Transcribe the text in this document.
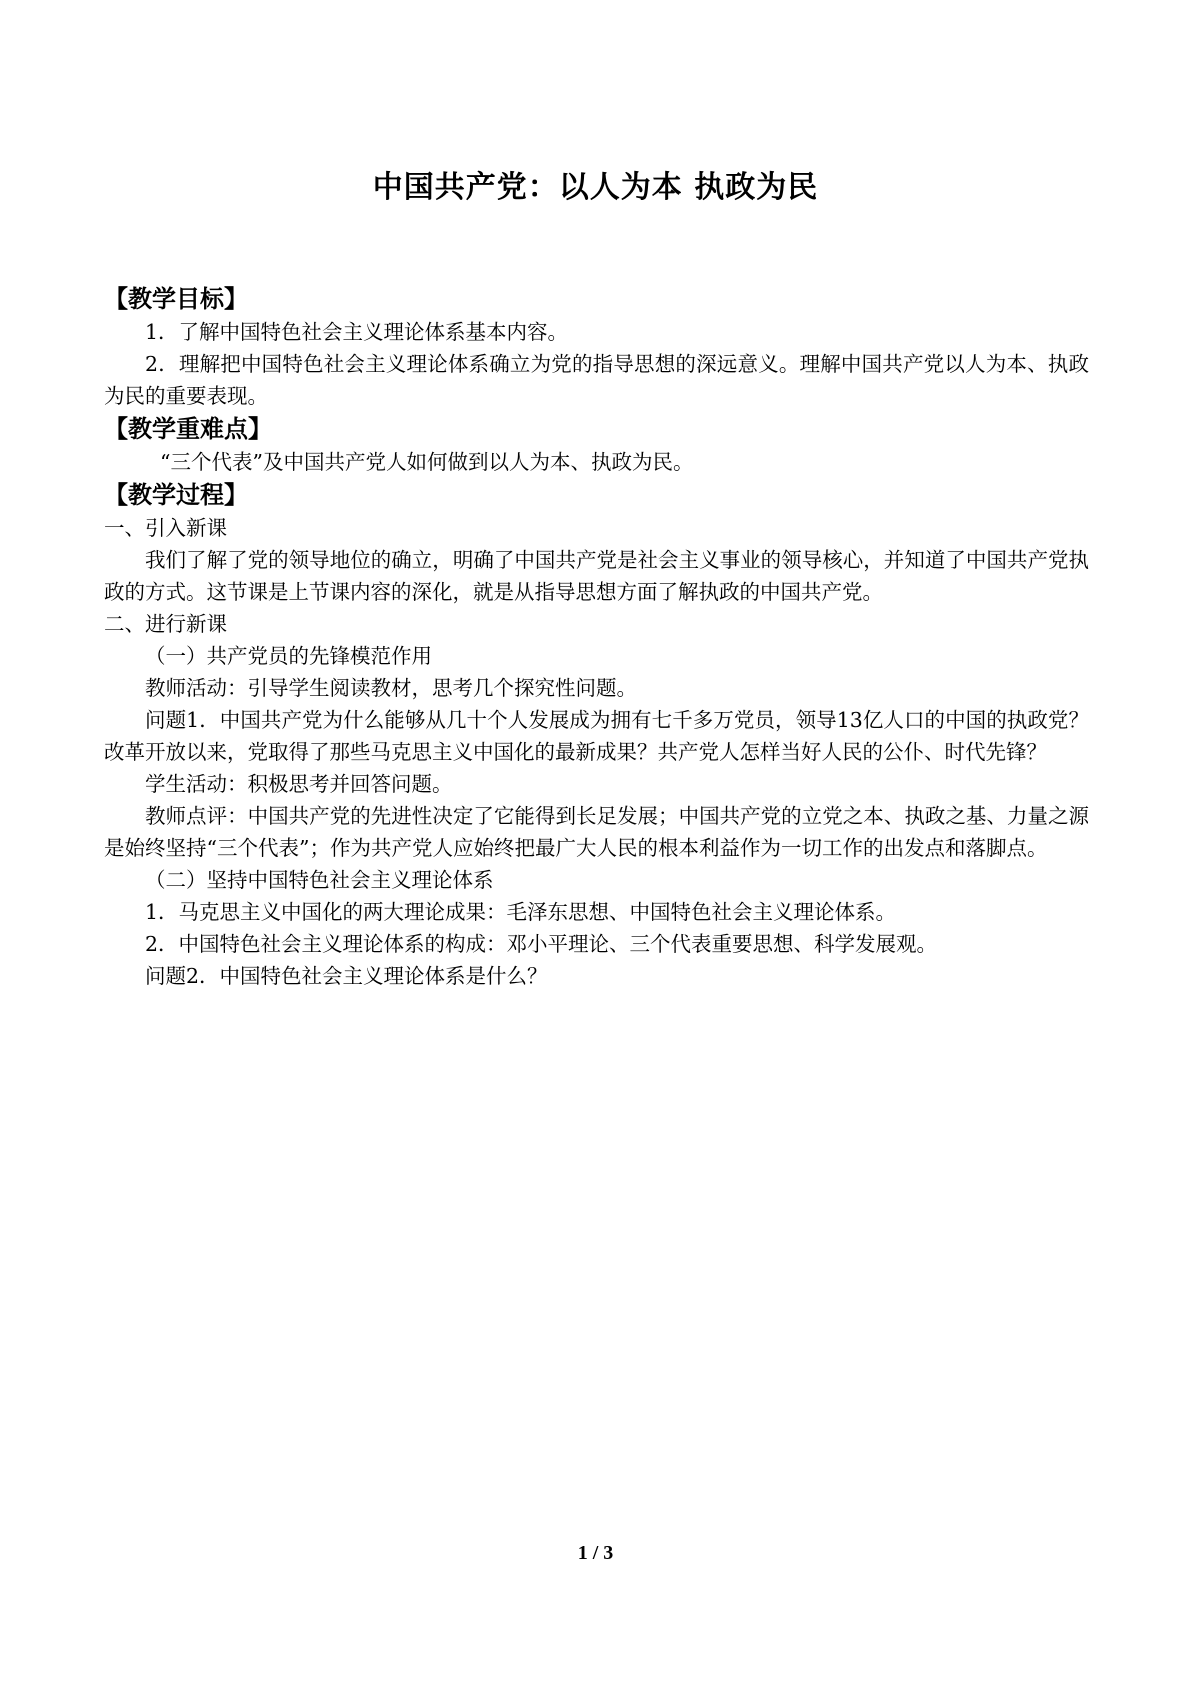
中国共产党：以人为本 执政为民

【教学目标】

1．了解中国特色社会主义理论体系基本内容。

2．理解把中国特色社会主义理论体系确立为党的指导思想的深远意义。理解中国共产党以人为本、执政为民的重要表现。

【教学重难点】

“三个代表”及中国共产党人如何做到以人为本、执政为民。

【教学过程】

一、引入新课

我们了解了党的领导地位的确立，明确了中国共产党是社会主义事业的领导核心，并知道了中国共产党执政的方式。这节课是上节课内容的深化，就是从指导思想方面了解执政的中国共产党。

二、进行新课

（一）共产党员的先锋模范作用

教师活动：引导学生阅读教材，思考几个探究性问题。

问题1．中国共产党为什么能够从几十个人发展成为拥有七千多万党员，领导13亿人口的中国的执政党？改革开放以来，党取得了那些马克思主义中国化的最新成果？共产党人怎样当好人民的公仆、时代先锋？

学生活动：积极思考并回答问题。

教师点评：中国共产党的先进性决定了它能得到长足发展；中国共产党的立党之本、执政之基、力量之源是始终坚持“三个代表”；作为共产党人应始终把最广大人民的根本利益作为一切工作的出发点和落脚点。

（二）坚持中国特色社会主义理论体系

1．马克思主义中国化的两大理论成果：毛泽东思想、中国特色社会主义理论体系。

2．中国特色社会主义理论体系的构成：邓小平理论、三个代表重要思想、科学发展观。

问题2．中国特色社会主义理论体系是什么？

1 / 3
